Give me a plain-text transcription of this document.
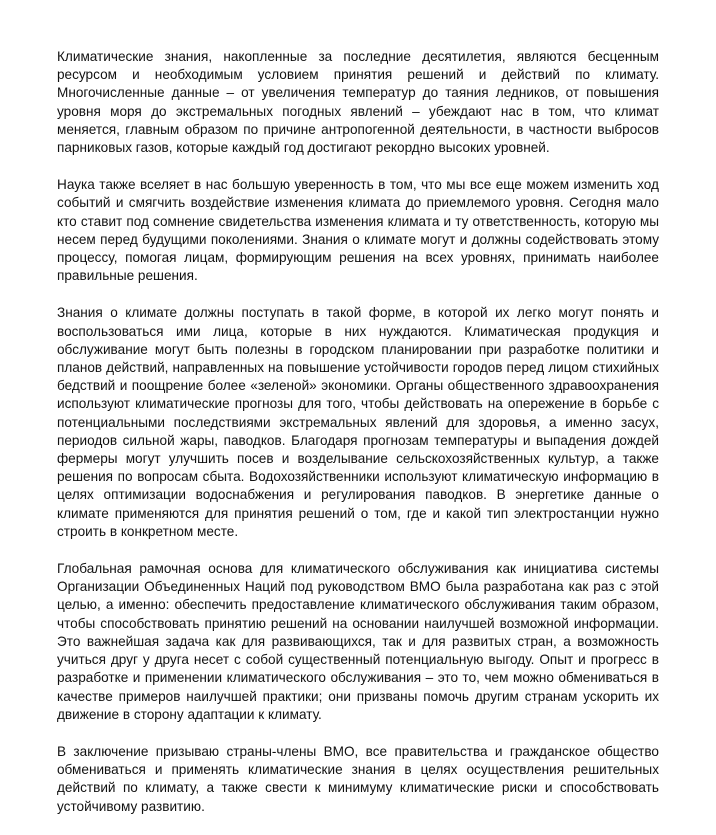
Климатические знания, накопленные за последние десятилетия, являются бесценным ресурсом и необходимым условием принятия решений и действий по климату. Многочисленные данные – от увеличения температур до таяния ледников, от повышения уровня моря до экстремальных погодных явлений – убеждают нас в том, что климат меняется, главным образом по причине антропогенной деятельности, в частности выбросов парниковых газов, которые каждый год достигают рекордно высоких уровней.

Наука также вселяет в нас большую уверенность в том, что мы все еще можем изменить ход событий и смягчить воздействие изменения климата до приемлемого уровня. Сегодня мало кто ставит под сомнение свидетельства изменения климата и ту ответственность, которую мы несем перед будущими поколениями. Знания о климате могут и должны содействовать этому процессу, помогая лицам, формирующим решения на всех уровнях, принимать наиболее правильные решения.

Знания о климате должны поступать в такой форме, в которой их легко могут понять и воспользоваться ими лица, которые в них нуждаются. Климатическая продукция и обслуживание могут быть полезны в городском планировании при разработке политики и планов действий, направленных на повышение устойчивости городов перед лицом стихийных бедствий и поощрение более «зеленой» экономики. Органы общественного здравоохранения используют климатические прогнозы для того, чтобы действовать на опережение в борьбе с потенциальными последствиями экстремальных явлений для здоровья, а именно засух, периодов сильной жары, паводков. Благодаря прогнозам температуры и выпадения дождей фермеры могут улучшить посев и возделывание сельскохозяйственных культур, а также решения по вопросам сбыта. Водохозяйственники используют климатическую информацию в целях оптимизации водоснабжения и регулирования паводков. В энергетике данные о климате применяются для принятия решений о том, где и какой тип электростанции нужно строить в конкретном месте.

Глобальная рамочная основа для климатического обслуживания как инициатива системы Организации Объединенных Наций под руководством ВМО была разработана как раз с этой целью, а именно: обеспечить предоставление климатического обслуживания таким образом, чтобы способствовать принятию решений на основании наилучшей возможной информации. Это важнейшая задача как для развивающихся, так и для развитых стран, а возможность учиться друг у друга несет с собой существенный потенциальную выгоду. Опыт и прогресс в разработке и применении климатического обслуживания – это то, чем можно обмениваться в качестве примеров наилучшей практики; они призваны помочь другим странам ускорить их движение в сторону адаптации к климату.

В заключение призываю страны-члены ВМО, все правительства и гражданское общество обмениваться и применять климатические знания в целях осуществления решительных действий по климату, а также свести к минимуму климатические риски и способствовать устойчивому развитию.
